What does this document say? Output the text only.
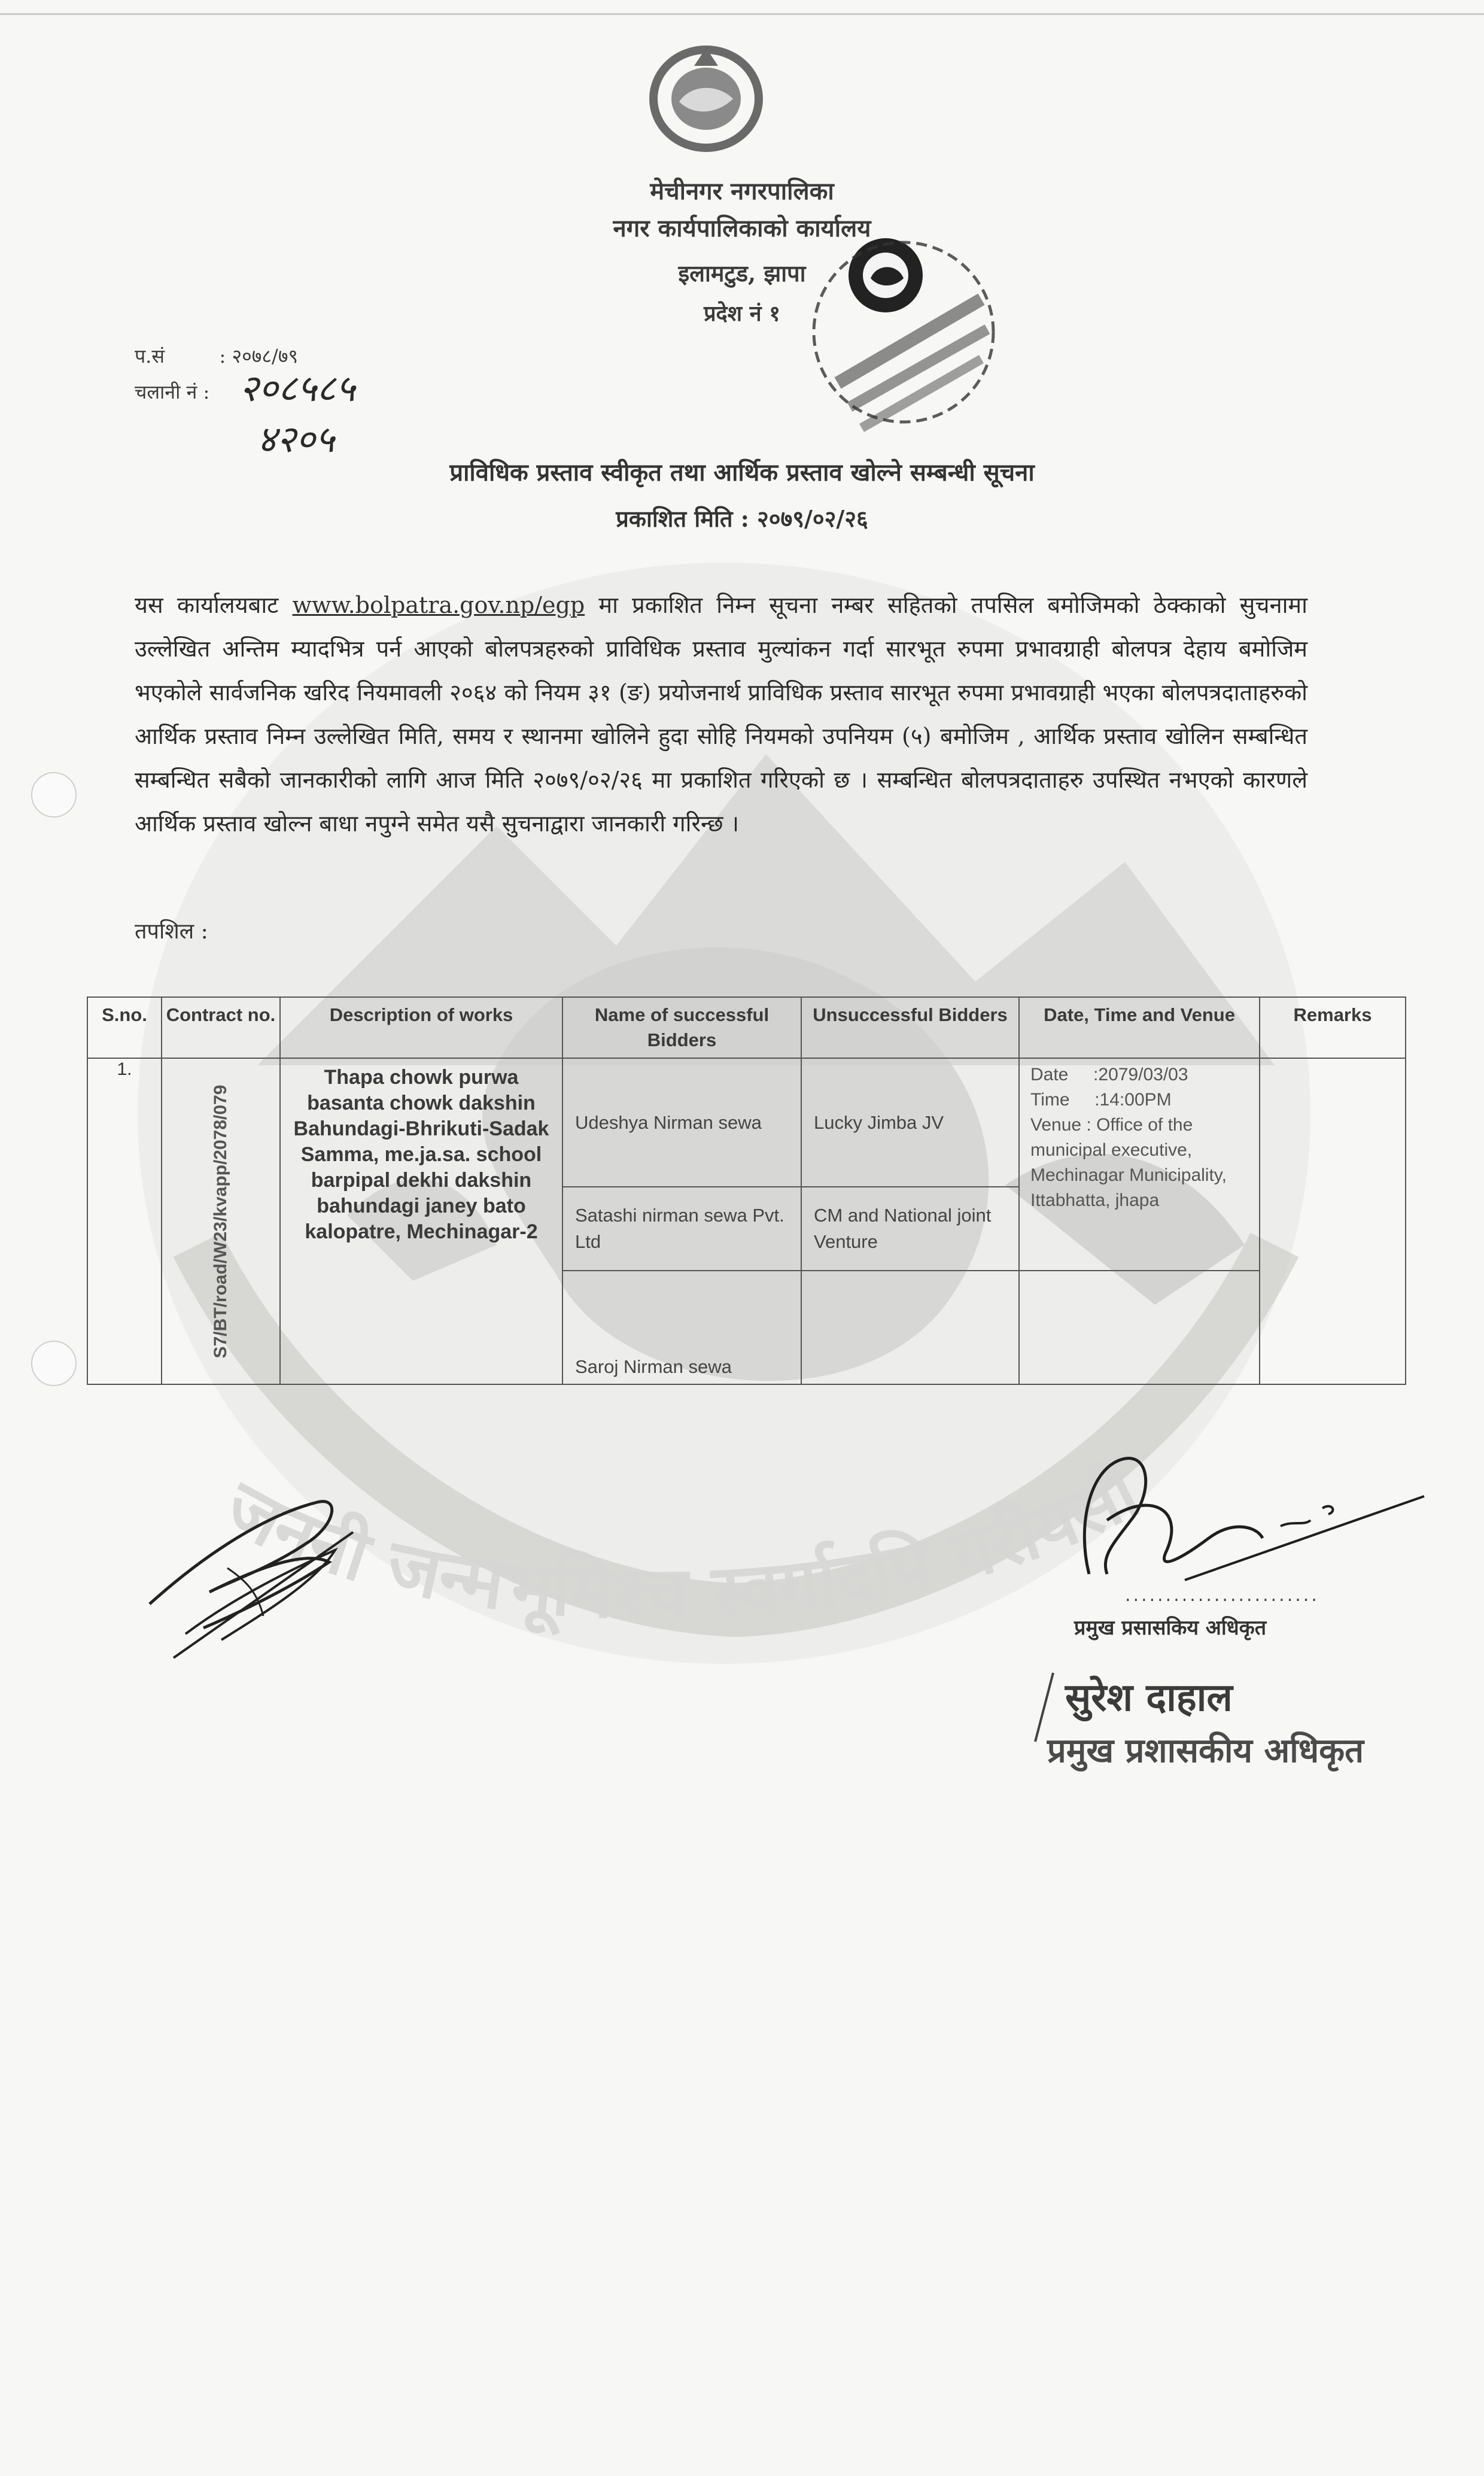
जननी जन्मभूमिश्च स्वर्गादपि गरीयसी
मेचीनगर नगरपालिका
नगर कार्यपालिकाको कार्यालय
इलामटुड, झापा
प्रदेश नं १
प.सं	: २०७८/७९
चलानी नं : २०८५८५
४२०५
प्राविधिक प्रस्ताव स्वीकृत तथा आर्थिक प्रस्ताव खोल्ने सम्बन्धी सूचना
प्रकाशित मिति : २०७९/०२/२६
यस कार्यालयबाट www.bolpatra.gov.np/egp मा प्रकाशित निम्न सूचना नम्बर सहितको तपसिल बमोजिमको ठेक्काको सुचनामा उल्लेखित अन्तिम म्यादभित्र पर्न आएको बोलपत्रहरुको प्राविधिक प्रस्ताव मुल्यांकन गर्दा सारभूत रुपमा प्रभावग्राही बोलपत्र देहाय बमोजिम भएकोले सार्वजनिक खरिद नियमावली २०६४ को नियम ३१ (ङ) प्रयोजनार्थ प्राविधिक प्रस्ताव सारभूत रुपमा प्रभावग्राही भएका बोलपत्रदाताहरुको आर्थिक प्रस्ताव निम्न उल्लेखित मिति, समय र स्थानमा खोलिने हुदा सोहि नियमको उपनियम (५) बमोजिम , आर्थिक प्रस्ताव खोलिन सम्बन्धित सम्बन्धित सबैको जानकारीको लागि आज मिति २०७९/०२/२६ मा प्रकाशित गरिएको छ । सम्बन्धित बोलपत्रदाताहरु उपस्थित नभएको कारणले आर्थिक प्रस्ताव खोल्न बाधा नपुग्ने समेत यसै सुचनाद्वारा जानकारी गरिन्छ ।
तपशिल :
S.no.	Contract no.	Description of works	Name of successful Bidders	Unsuccessful Bidders	Date, Time and Venue	Remarks
1.	S7/BT/road/W23/kvapp/2078/079	Thapa chowk purwa basanta chowk dakshin Bahundagi-Bhrikuti-Sadak Samma, me.ja.sa. school barpipal dekhi dakshin bahundagi janey bato kalopatre, Mechinagar-2	Udeshya Nirman sewa	Lucky Jimba JV	Date     :2079/03/03
Time     :14:00PM
Venue : Office of the municipal executive, Mechinagar Municipality, Ittabhatta, jhapa	

			Satashi nirman sewa Pvt. Ltd	CM and National joint Venture		
			Saroj Nirman sewa			
........................
प्रमुख प्रसासकिय अधिकृत
सुरेश दाहाल
प्रमुख प्रशासकीय अधिकृत
